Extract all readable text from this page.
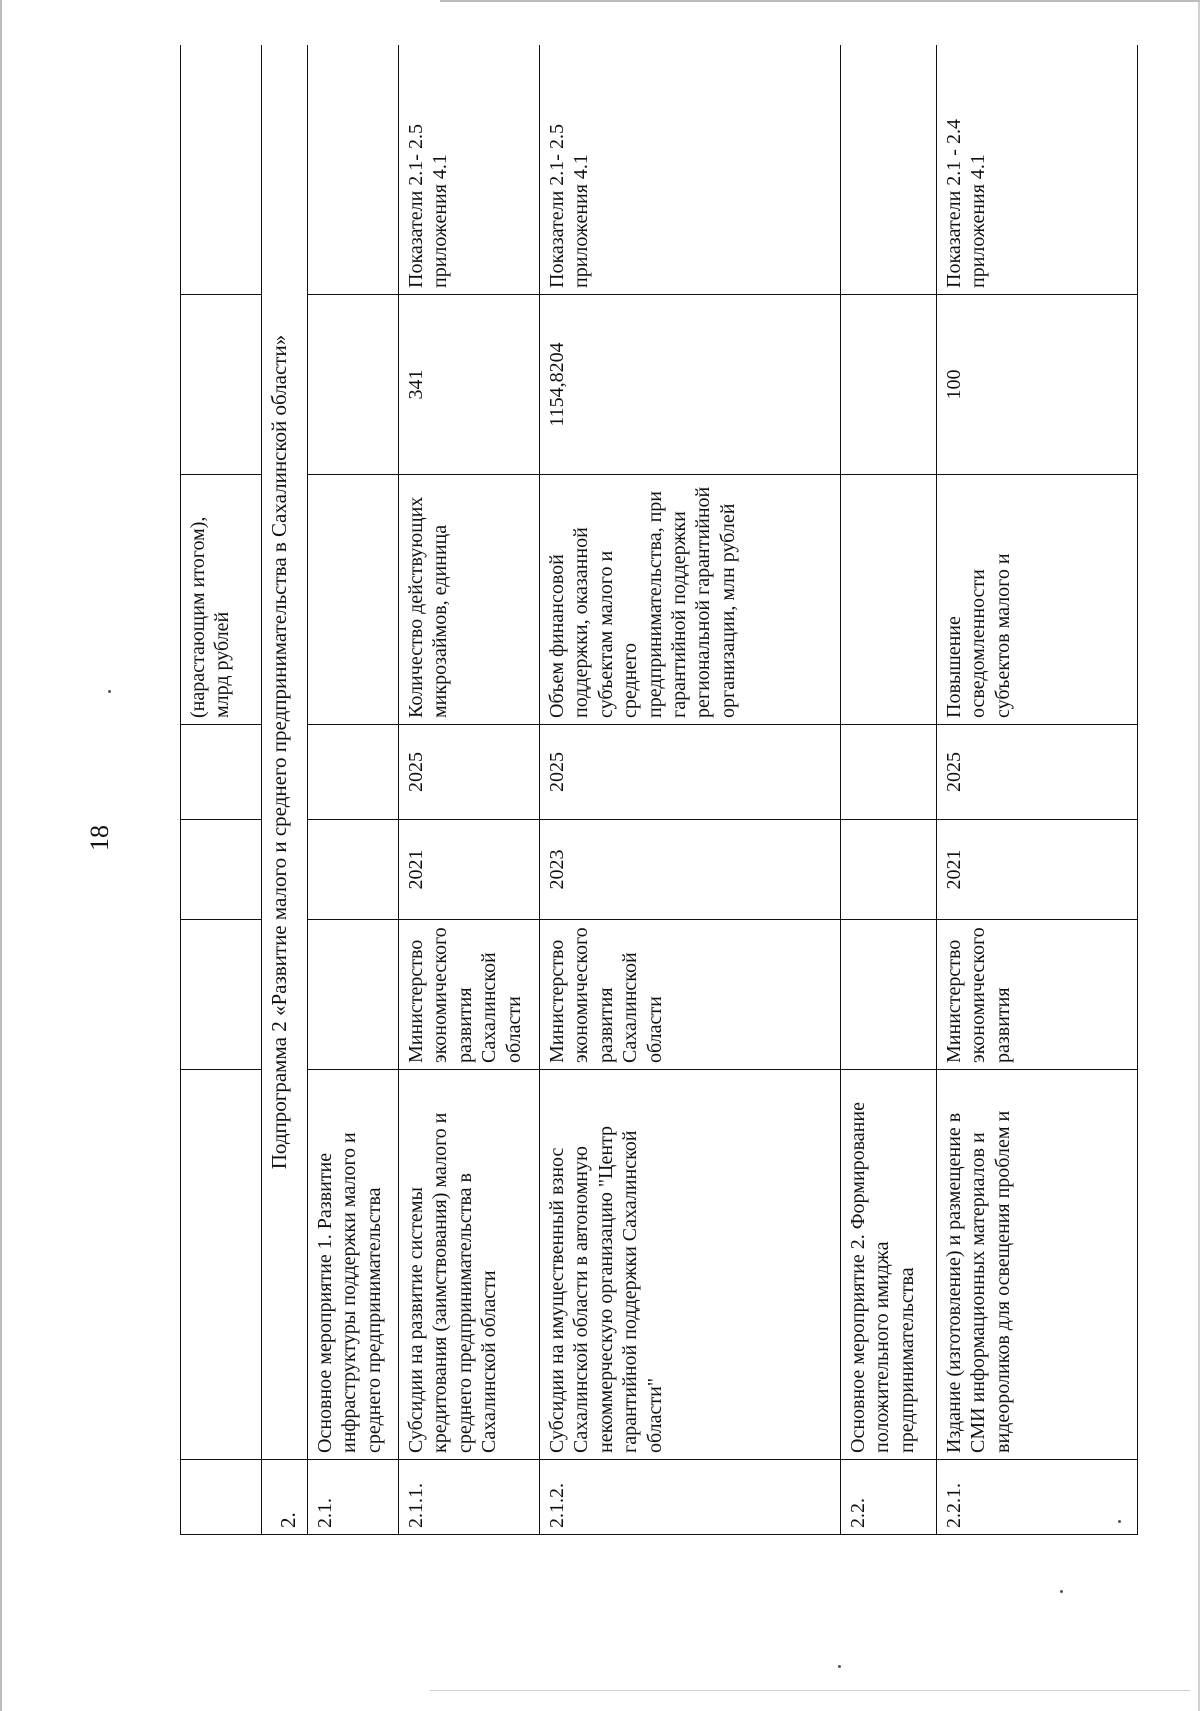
18
					(нарастающим итогом), млрд рублей		
2.	Подпрограмма 2 «Развитие малого и среднего предпринимательства в Сахалинской области»						
2.1.	Основное мероприятие 1. Развитие инфраструктуры поддержки малого и среднего предпринимательства						
2.1.1.	Субсидии на развитие системы кредитования (заимствования) малого и среднего предпринимательства в Сахалинской области	Министерство экономического развития Сахалинской области	2021	2025	Количество действующих микрозаймов, единица	341	Показатели 2.1- 2.5 приложения 4.1
2.1.2.	Субсидии на имущественный взнос Сахалинской области в автономную некоммерческую организацию "Центр гарантийной поддержки Сахалинской области"	Министерство экономического развития Сахалинской области	2023	2025	Объем финансовой поддержки, оказанной субъектам малого и среднего предпринимательства, при гарантийной поддержки региональной гарантийной организации, млн рублей	1154,8204	Показатели 2.1- 2.5 приложения 4.1
2.2.	Основное мероприятие 2. Формирование положительного имиджа предпринимательства						
2.2.1.	Издание (изготовление) и размещение в СМИ информационных материалов и видеороликов для освещения проблем и	Министерство экономического развития	2021	2025	Повышение осведомленности субъектов малого и	100	Показатели 2.1 - 2.4 приложения 4.1
